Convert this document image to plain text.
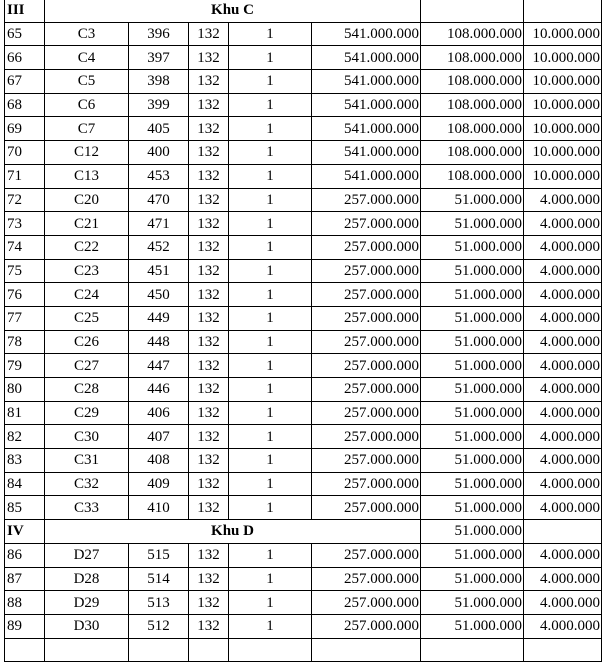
III	Khu C						
65	C3	396	132	1	541.000.000	108.000.000	10.000.000
66	C4	397	132	1	541.000.000	108.000.000	10.000.000
67	C5	398	132	1	541.000.000	108.000.000	10.000.000
68	C6	399	132	1	541.000.000	108.000.000	10.000.000
69	C7	405	132	1	541.000.000	108.000.000	10.000.000
70	C12	400	132	1	541.000.000	108.000.000	10.000.000
71	C13	453	132	1	541.000.000	108.000.000	10.000.000
72	C20	470	132	1	257.000.000	51.000.000	4.000.000
73	C21	471	132	1	257.000.000	51.000.000	4.000.000
74	C22	452	132	1	257.000.000	51.000.000	4.000.000
75	C23	451	132	1	257.000.000	51.000.000	4.000.000
76	C24	450	132	1	257.000.000	51.000.000	4.000.000
77	C25	449	132	1	257.000.000	51.000.000	4.000.000
78	C26	448	132	1	257.000.000	51.000.000	4.000.000
79	C27	447	132	1	257.000.000	51.000.000	4.000.000
80	C28	446	132	1	257.000.000	51.000.000	4.000.000
81	C29	406	132	1	257.000.000	51.000.000	4.000.000
82	C30	407	132	1	257.000.000	51.000.000	4.000.000
83	C31	408	132	1	257.000.000	51.000.000	4.000.000
84	C32	409	132	1	257.000.000	51.000.000	4.000.000
85	C33	410	132	1	257.000.000	51.000.000	4.000.000
IV	Khu D					51.000.000	
86	D27	515	132	1	257.000.000	51.000.000	4.000.000
87	D28	514	132	1	257.000.000	51.000.000	4.000.000
88	D29	513	132	1	257.000.000	51.000.000	4.000.000
89	D30	512	132	1	257.000.000	51.000.000	4.000.000
